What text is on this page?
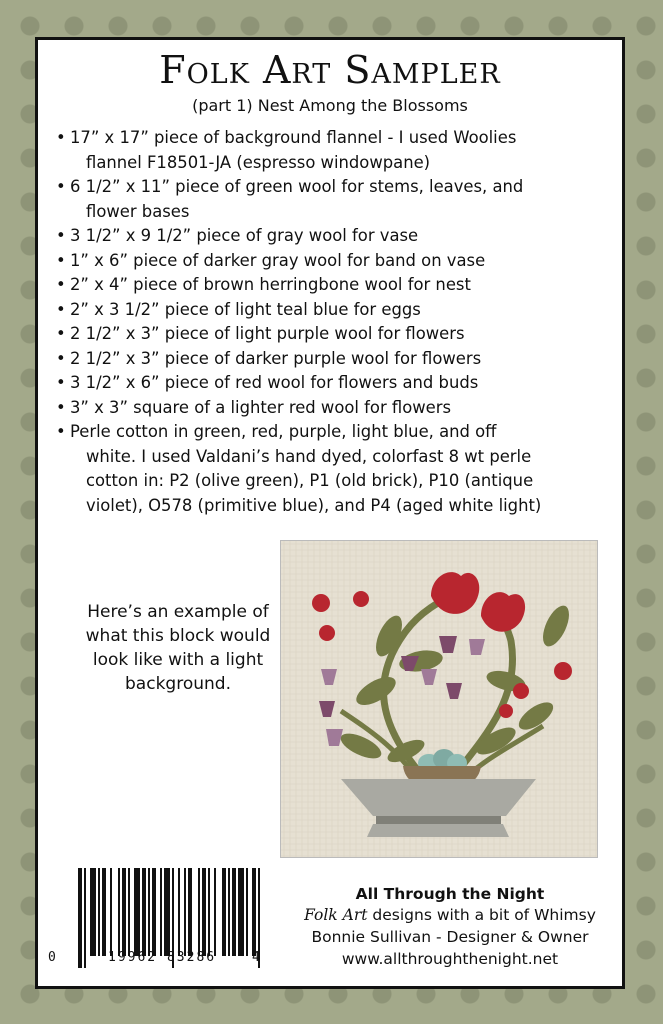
Folk Art Sampler

(part 1) Nest Among the Blossoms

• 17” x 17” piece of background flannel - I used Woolies
flannel F18501-JA (espresso windowpane)
• 6 1/2” x 11” piece of green wool for stems, leaves, and
flower bases
• 3 1/2” x 9 1/2” piece of gray wool for vase
• 1” x 6” piece of darker gray wool for band on vase
• 2” x 4” piece of brown herringbone wool for nest
• 2” x 3 1/2” piece of light teal blue for eggs
• 2 1/2” x 3” piece of light purple wool for flowers
• 2 1/2” x 3” piece of darker purple wool for flowers
• 3 1/2” x 6” piece of red wool for flowers and buds
• 3” x 3” square of a lighter red wool for flowers
• Perle cotton in green, red, purple, light blue, and off
white. I used Valdani’s hand dyed, colorfast 8 wt perle
cotton in: P2 (olive green), P1 (old brick), P10 (antique
violet), O578 (primitive blue), and P4 (aged white light)
Here’s an example of what this block would look like with a light background.
All Through the Night
Folk Art designs with a bit of Whimsy
Bonnie Sullivan - Designer & Owner
www.allthroughthenight.net
0	19962 83286	4
